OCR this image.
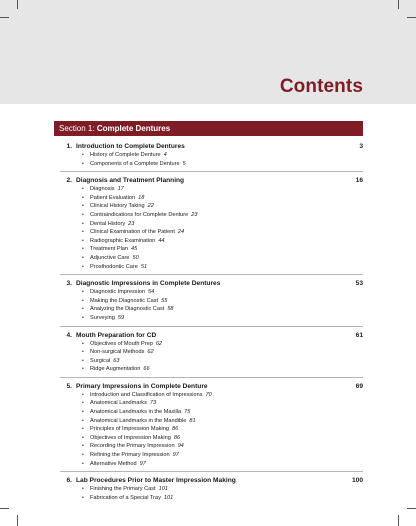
Contents
Section 1: Complete Dentures
1. Introduction to Complete Dentures	3
• History of Complete Denture 4
• Components of a Complete Denture 5
2. Diagnosis and Treatment Planning	16
• Diagnosis 17
• Patient Evaluation 18
• Clinical History Taking 22
• Contraindications for Complete Denture 23
• Dental History 23
• Clinical Examination of the Patient 24
• Radiographic Examination 44
• Treatment Plan 45
• Adjunctive Care 50
• Prosthodontic Care 51
3. Diagnostic Impressions in Complete Dentures	53
• Diagnostic Impression 54
• Making the Diagnostic Cast 55
• Analyzing the Diagnostic Cast 58
• Surveying 59
4. Mouth Preparation for CD	61
• Objectives of Mouth Prep 62
• Non-surgical Methods 62
• Surgical 63
• Ridge Augmentation 66
5. Primary Impressions in Complete Denture	69
• Introduction and Classification of Impressions 70
• Anatomical Landmarks 73
• Anatomical Landmarks in the Maxilla 75
• Anatomical Landmarks in the Mandible 81
• Principles of Impression Making 86
• Objectives of Impression Making 86
• Recording the Primary Impression 94
• Refining the Primary Impression 97
• Alternative Method 97
6. Lab Procedures Prior to Master Impression Making	100
• Finishing the Primary Cast 101
• Fabrication of a Special Tray 101
